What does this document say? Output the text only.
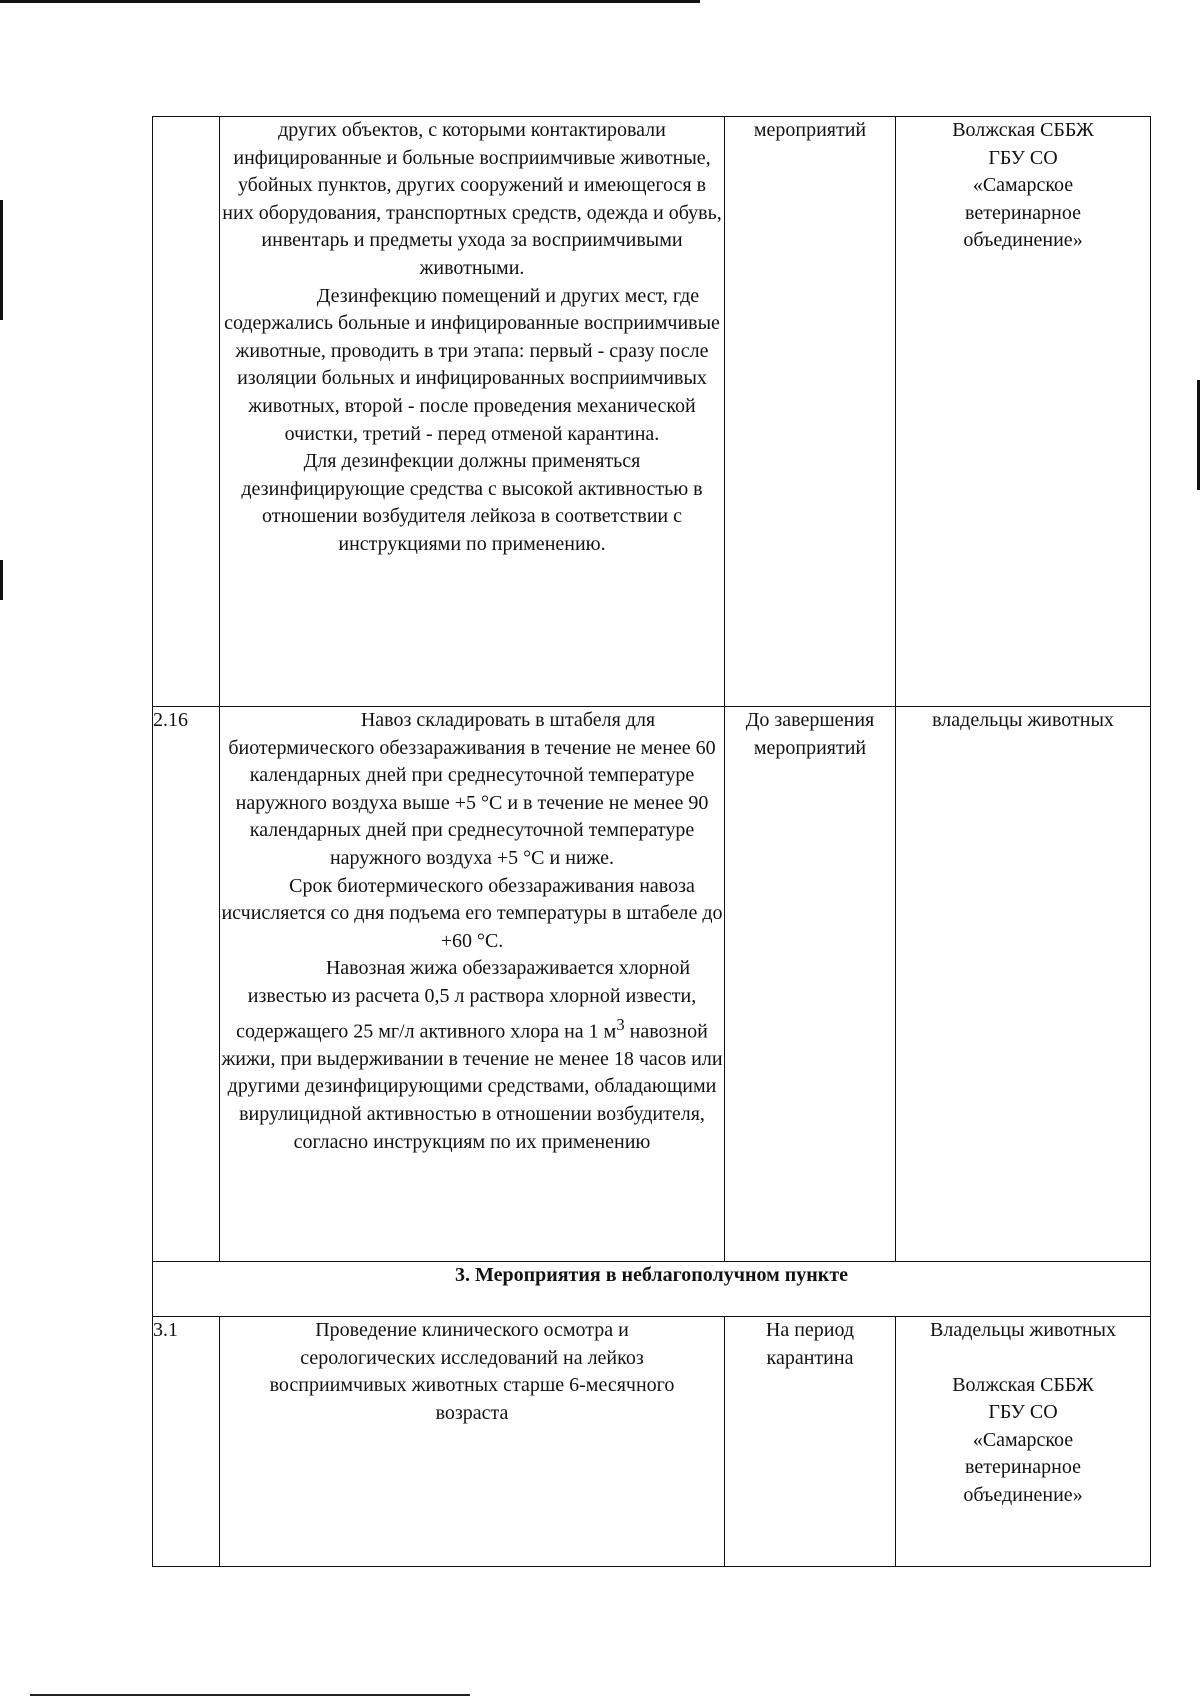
	других объектов, с которыми контактировали инфицированные и больные восприимчивые животные, убойных пунктов, других сооружений и имеющегося в них оборудования, транспортных средств, одежда и обувь, инвентарь и предметы ухода за восприимчивыми животными.

Дезинфекцию помещений и других мест, где содержались больные и инфицированные восприимчивые животные, проводить в три этапа: первый - сразу после изоляции больных и инфицированных восприимчивых животных, второй - после проведения механической очистки, третий - перед отменой карантина.

Для дезинфекции должны применяться дезинфицирующие средства с высокой активностью в отношении возбудителя лейкоза в соответствии с инструкциями по применению.	мероприятий	Волжская СББЖ ГБУ СО «Самарское ветеринарное объединение»

2.16	Навоз складировать в штабеля для биотермического обеззараживания в течение не менее 60 календарных дней при среднесуточной температуре наружного воздуха выше +5 °С и в течение не менее 90 календарных дней при среднесуточной температуре наружного воздуха +5 °С и ниже.

Срок биотермического обеззараживания навоза исчисляется со дня подъема его температуры в штабеле до +60 °С.

Навозная жижа обеззараживается хлорной известью из расчета 0,5 л раствора хлорной извести, содержащего 25 мг/л активного хлора на 1 $м^3$ навозной жижи, при выдерживании в течение не менее 18 часов или другими дезинфицирующими средствами, обладающими вирулицидной активностью в отношении возбудителя, согласно инструкциям по их применению	До завершения мероприятий	владельцы животных

3. Мероприятия в неблагополучном пункте			
3.1	Проведение клинического осмотра и серологических исследований на лейкоз восприимчивых животных старше 6-месячного возраста	На период карантина	Владельцы животных

Волжская СББЖ ГБУ СО «Самарское ветеринарное объединение»
